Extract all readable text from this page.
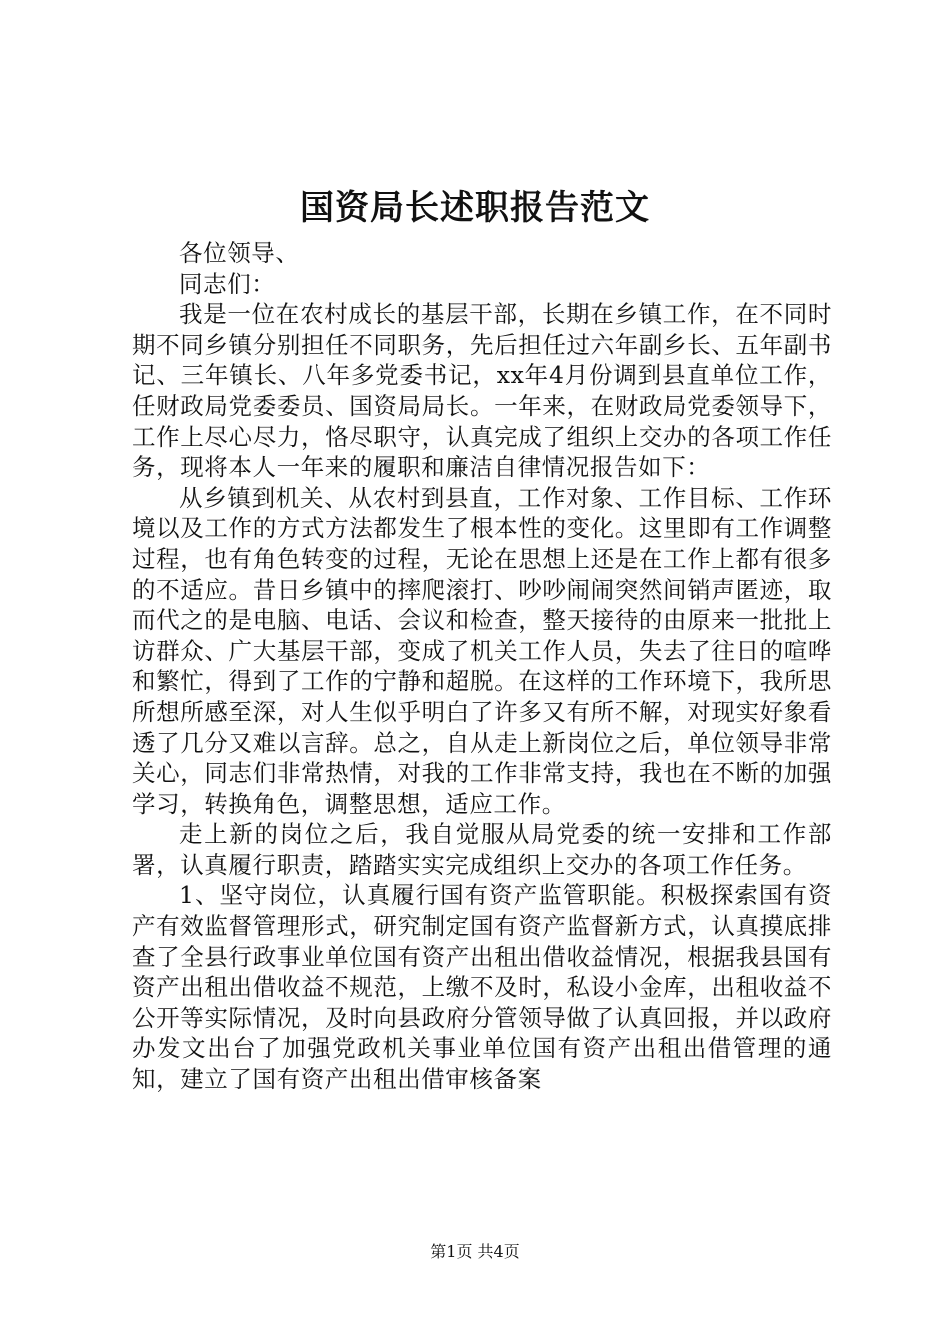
国资局长述职报告范文

各位领导、

同志们：

我是一位在农村成长的基层干部，长期在乡镇工作，在不同时期不同乡镇分别担任不同职务，先后担任过六年副乡长、五年副书记、三年镇长、八年多党委书记，xx年4月份调到县直单位工作，任财政局党委委员、国资局局长。一年来，在财政局党委领导下，工作上尽心尽力，恪尽职守，认真完成了组织上交办的各项工作任务，现将本人一年来的履职和廉洁自律情况报告如下：

从乡镇到机关、从农村到县直，工作对象、工作目标、工作环境以及工作的方式方法都发生了根本性的变化。这里即有工作调整过程，也有角色转变的过程，无论在思想上还是在工作上都有很多的不适应。昔日乡镇中的摔爬滚打、吵吵闹闹突然间销声匿迹，取而代之的是电脑、电话、会议和检查，整天接待的由原来一批批上访群众、广大基层干部，变成了机关工作人员，失去了往日的喧哗和繁忙，得到了工作的宁静和超脱。在这样的工作环境下，我所思所想所感至深，对人生似乎明白了许多又有所不解，对现实好象看透了几分又难以言辞。总之，自从走上新岗位之后，单位领导非常关心，同志们非常热情，对我的工作非常支持，我也在不断的加强学习，转换角色，调整思想，适应工作。

走上新的岗位之后，我自觉服从局党委的统一安排和工作部署，认真履行职责，踏踏实实完成组织上交办的各项工作任务。

1、坚守岗位，认真履行国有资产监管职能。积极探索国有资产有效监督管理形式，研究制定国有资产监督新方式，认真摸底排查了全县行政事业单位国有资产出租出借收益情况，根据我县国有资产出租出借收益不规范，上缴不及时，私设小金库，出租收益不公开等实际情况，及时向县政府分管领导做了认真回报，并以政府办发文出台了加强党政机关事业单位国有资产出租出借管理的通知，建立了国有资产出租出借审核备案

第1页 共4页
